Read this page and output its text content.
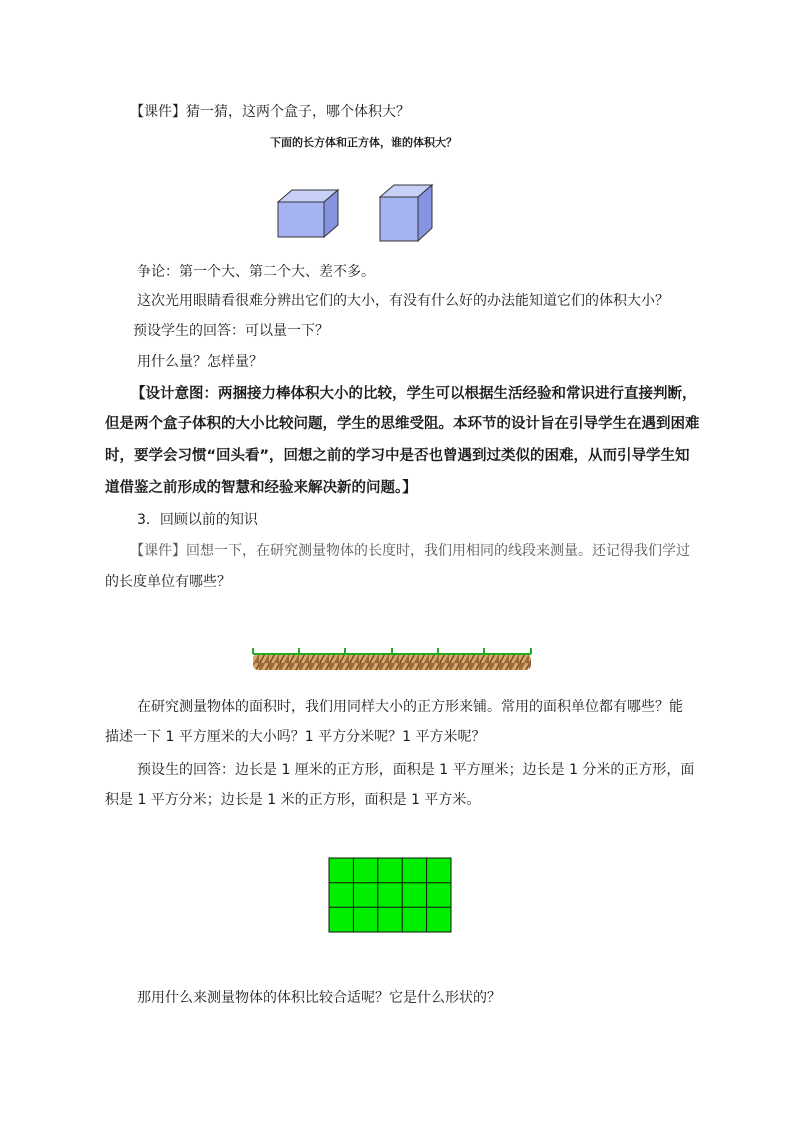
【课件】猜一猜，这两个盒子，哪个体积大？
下面的长方体和正方体，谁的体积大？
争论：第一个大、第二个大、差不多。
这次光用眼睛看很难分辨出它们的大小，有没有什么好的办法能知道它们的体积大小？
预设学生的回答：可以量一下？
用什么量？怎样量？
【设计意图：两捆接力棒体积大小的比较，学生可以根据生活经验和常识进行直接判断，
但是两个盒子体积的大小比较问题，学生的思维受阻。本环节的设计旨在引导学生在遇到困难
时，要学会习惯“回头看”，回想之前的学习中是否也曾遇到过类似的困难，从而引导学生知
道借鉴之前形成的智慧和经验来解决新的问题。】
3．回顾以前的知识
【课件】回想一下，在研究测量物体的长度时，我们用相同的线段来测量。还记得我们学过
的长度单位有哪些？
在研究测量物体的面积时，我们用同样大小的正方形来铺。常用的面积单位都有哪些？能
描述一下 1 平方厘米的大小吗？1 平方分米呢？1 平方米呢？
预设生的回答：边长是 1 厘米的正方形，面积是 1 平方厘米；边长是 1 分米的正方形，面
积是 1 平方分米；边长是 1 米的正方形，面积是 1 平方米。
那用什么来测量物体的体积比较合适呢？它是什么形状的？
